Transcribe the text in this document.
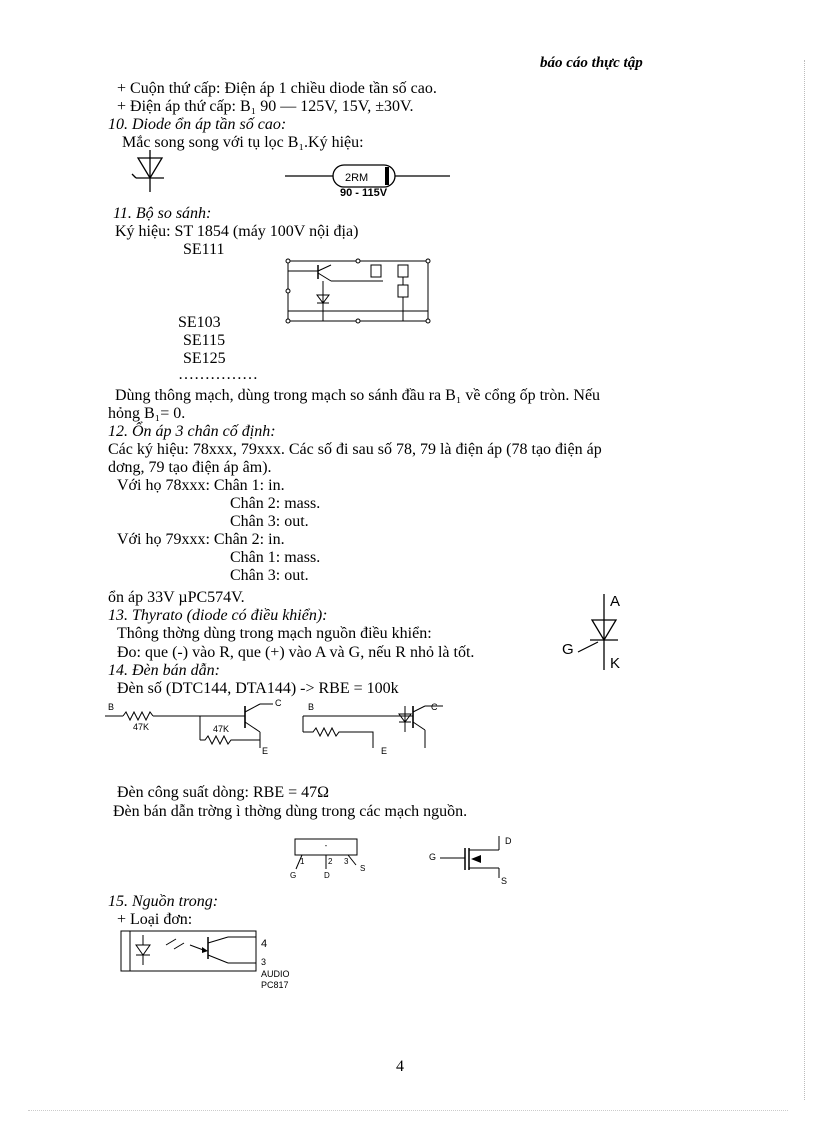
báo cáo thực tập
+ Cuộn thứ cấp: Điện áp 1 chiều diode tần số cao.
+ Điện áp thứ cấp: B₁ 90 — 125V, 15V, ±30V.
10. Diode ổn áp tần số cao:
Mắc song song với tụ lọc B₁.Ký hiệu:
2RM
90 - 115V
11. Bộ so sánh:
Ký hiệu: ST 1854 (máy 100V nội địa)
SE111
SE103
SE115
SE125
……………
Dùng thông mạch, dùng trong mạch so sánh đầu ra B₁ về cổng ốp tròn. Nếu
hỏng B₁= 0.
12. Ổn áp 3 chân cố định:
Các ký hiệu: 78xxx, 79xxx. Các số đi sau số 78, 79 là điện áp (78 tạo điện áp
dơng, 79 tạo điện áp âm).
Với họ 78xxx: Chân 1: in.
Chân 2: mass.
Chân 3: out.
Với họ 79xxx: Chân 2: in.
Chân 1: mass.
Chân 3: out.
ổn áp 33V µPC574V.
13. Thyrato (diode có điều khiển):
Thông thờng dùng trong mạch nguồn điều khiển:
Đo: que (-) vào R, que (+) vào A và G, nếu R nhỏ là tốt.
A
G
K
14. Đèn bán dẫn:
Đèn số (DTC144, DTA144) -> RBE = 100k
B
47K	47K
C
E
B	C
E
Đèn công suất dòng: RBE = 47Ω
Đèn bán dẫn trờng ì thờng dùng trong các mạch nguồn.
-
1	2 3
G	D
S
G
D
S
15. Nguồn trong:
+ Loại đơn:
4
3
AUDIO
PC817
4
